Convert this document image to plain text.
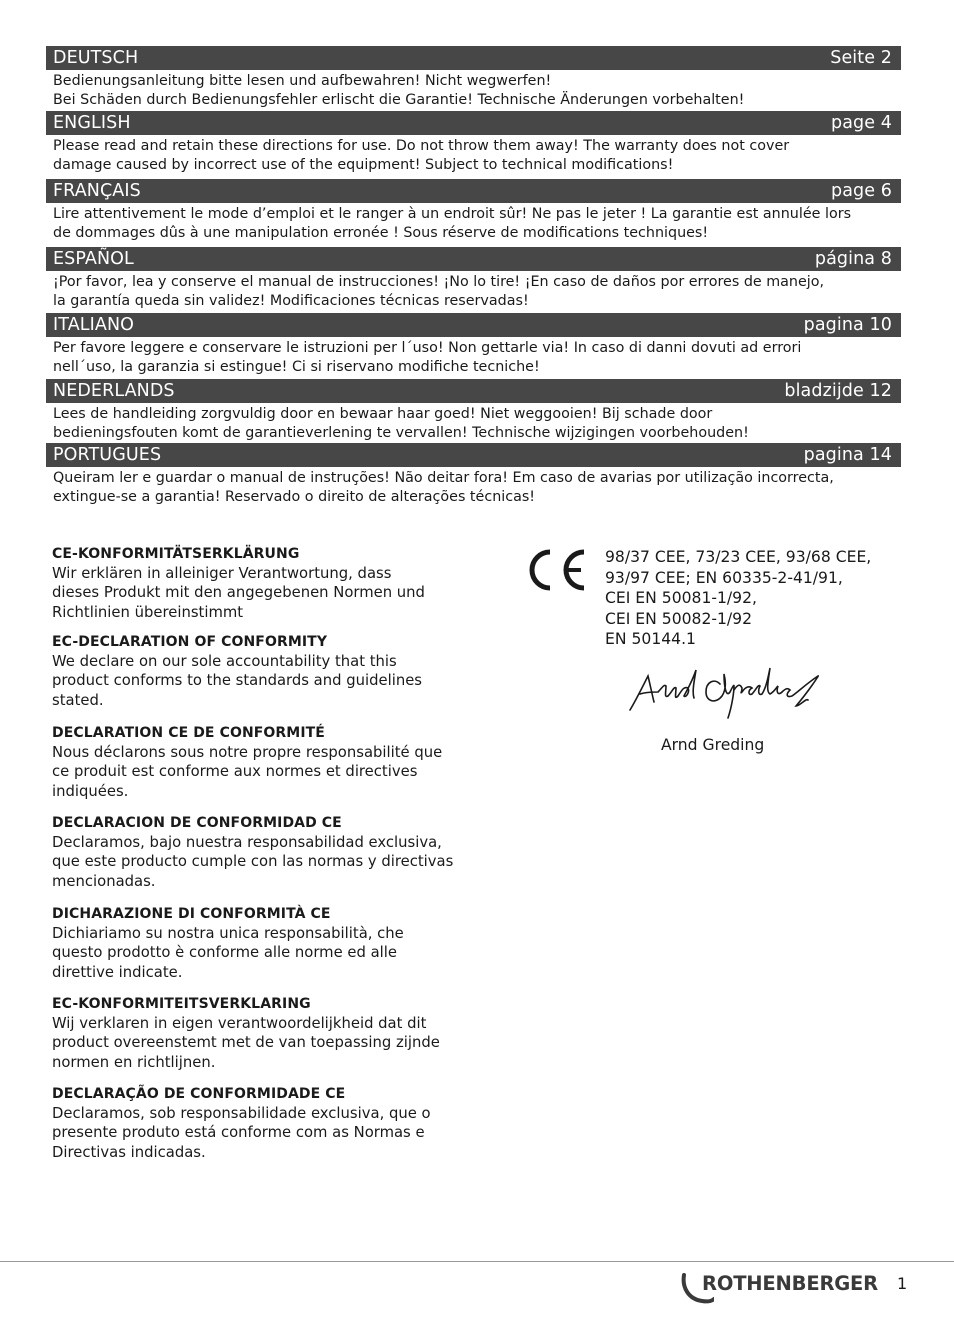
DEUTSCH	Seite 2
Bedienungsanleitung bitte lesen und aufbewahren! Nicht wegwerfen!
Bei Schäden durch Bedienungsfehler erlischt die Garantie! Technische Änderungen vorbehalten!
ENGLISH	page 4
Please read and retain these directions for use. Do not throw them away! The warranty does not cover
damage caused by incorrect use of the equipment! Subject to technical modifications!
FRANÇAIS	page 6
Lire attentivement le mode d’emploi et le ranger à un endroit sûr! Ne pas le jeter ! La garantie est annulée lors
de dommages dûs à une manipulation erronée ! Sous réserve de modifications techniques!
ESPAÑOL	página 8
¡Por favor, lea y conserve el manual de instrucciones! ¡No lo tire! ¡En caso de daños por errores de manejo,
la garantía queda sin validez! Modificaciones técnicas reservadas!
ITALIANO	pagina 10
Per favore leggere e conservare le istruzioni per l´uso! Non gettarle via! In caso di danni dovuti ad errori
nell´uso, la garanzia si estingue! Ci si riservano modifiche tecniche!
NEDERLANDS	bladzijde 12
Lees de handleiding zorgvuldig door en bewaar haar goed! Niet weggooien! Bij schade door
bedieningsfouten komt de garantieverlening te vervallen! Technische wijzigingen voorbehouden!
PORTUGUES	pagina 14
Queiram ler e guardar o manual de instruções! Não deitar fora! Em caso de avarias por utilização incorrecta,
extingue-se a garantia! Reservado o direito de alterações técnicas!
CE-KONFORMITÄTSERKLÄRUNG
Wir erklären in alleiniger Verantwortung, dass
dieses Produkt mit den angegebenen Normen und
Richtlinien übereinstimmt
EC-DECLARATION OF CONFORMITY
We declare on our sole accountability that this
product conforms to the standards and guidelines
stated.
DECLARATION CE DE CONFORMITÉ
Nous déclarons sous notre propre responsabilité que
ce produit est conforme aux normes et directives
indiquées.
DECLARACION DE CONFORMIDAD CE
Declaramos, bajo nuestra responsabilidad exclusiva,
que este producto cumple con las normas y directivas
mencionadas.
DICHARAZIONE DI CONFORMITÀ CE
Dichiariamo su nostra unica responsabilità, che
questo prodotto è conforme alle norme ed alle
direttive indicate.
EC-KONFORMITEITSVERKLARING
Wij verklaren in eigen verantwoordelijkheid dat dit
product overeenstemt met de van toepassing zijnde
normen en richtlijnen.
DECLARAÇÃO DE CONFORMIDADE CE
Declaramos, sob responsabilidade exclusiva, que o
presente produto está conforme com as Normas e
Directivas indicadas.
98/37 CEE, 73/23 CEE, 93/68 CEE,
93/97 CEE; EN 60335-2-41/91,
CEI EN 50081-1/92,
CEI EN 50082-1/92
EN 50144.1
Arnd Greding
ROTHENBERGER 1
